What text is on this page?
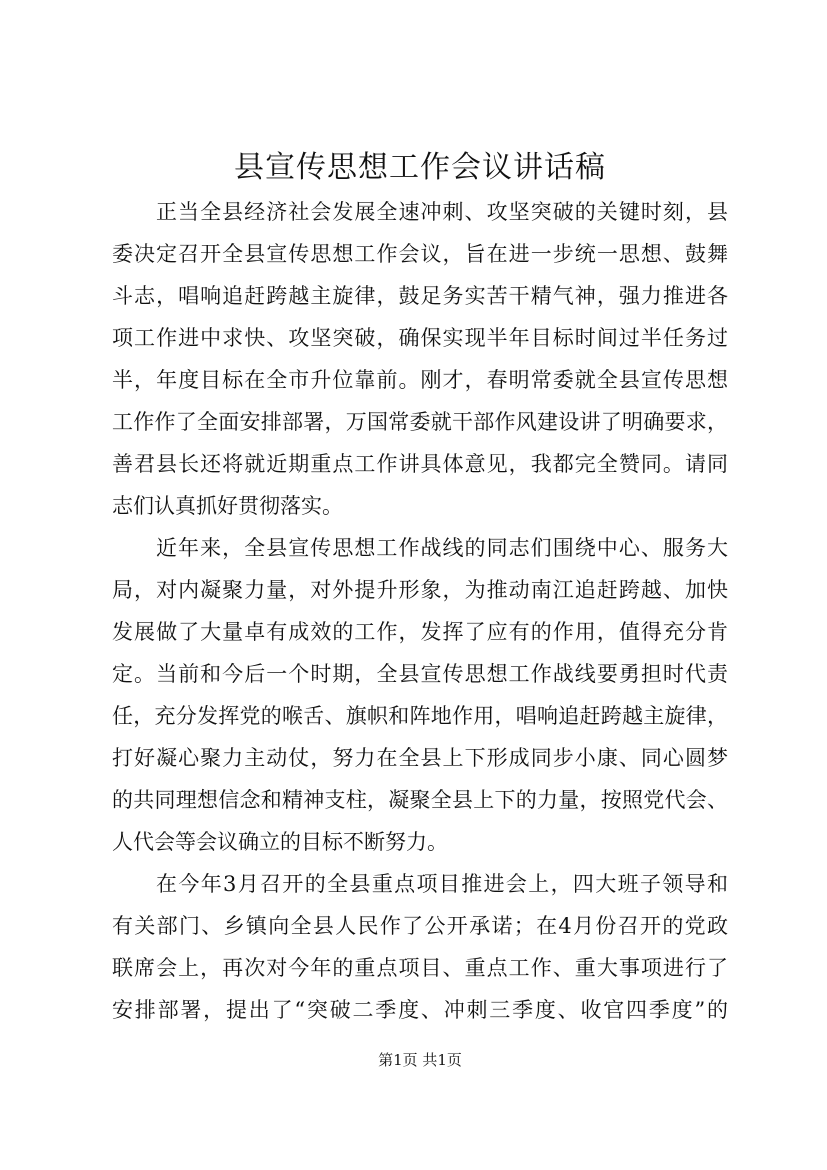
县宣传思想工作会议讲话稿
正当全县经济社会发展全速冲刺、攻坚突破的关键时刻，县
委决定召开全县宣传思想工作会议，旨在进一步统一思想、鼓舞
斗志，唱响追赶跨越主旋律，鼓足务实苦干精气神，强力推进各
项工作进中求快、攻坚突破，确保实现半年目标时间过半任务过
半，年度目标在全市升位靠前。刚才，春明常委就全县宣传思想
工作作了全面安排部署，万国常委就干部作风建设讲了明确要求，
善君县长还将就近期重点工作讲具体意见，我都完全赞同。请同
志们认真抓好贯彻落实。
近年来，全县宣传思想工作战线的同志们围绕中心、服务大
局，对内凝聚力量，对外提升形象，为推动南江追赶跨越、加快
发展做了大量卓有成效的工作，发挥了应有的作用，值得充分肯
定。当前和今后一个时期，全县宣传思想工作战线要勇担时代责
任，充分发挥党的喉舌、旗帜和阵地作用，唱响追赶跨越主旋律，
打好凝心聚力主动仗，努力在全县上下形成同步小康、同心圆梦
的共同理想信念和精神支柱，凝聚全县上下的力量，按照党代会、
人代会等会议确立的目标不断努力。
在今年3月召开的全县重点项目推进会上，四大班子领导和
有关部门、乡镇向全县人民作了公开承诺；在4月份召开的党政
联席会上，再次对今年的重点项目、重点工作、重大事项进行了
安排部署，提出了“突破二季度、冲刺三季度、收官四季度”的
第1页 共1页
